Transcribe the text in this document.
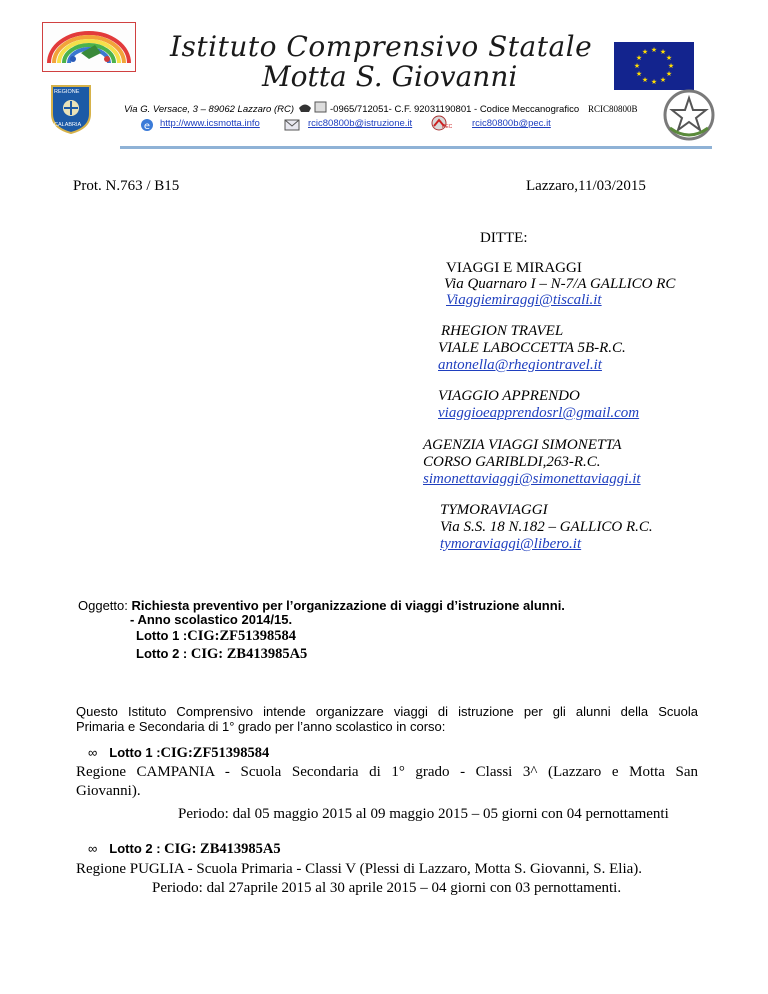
REGIONE
CALABRIA
Istituto Comprensivo Statale
Motta S. Giovanni
★ ★
★
★
★
★
★
★
★
★
★
★
Via G. Versace, 3 – 89062 Lazzaro (RC)	-0965/712051- C.F. 92031190801 - Codice Meccanografico RCIC80800B
e http://www.icsmotta.info	rcic80800b@istruzione.it	PEC rcic80800b@pec.it
Prot. N.763 / B15	Lazzaro,11/03/2015
DITTE:
VIAGGI E MIRAGGI
Via Quarnaro I – N-7/A GALLICO RC
Viaggiemiraggi@tiscali.it
RHEGION TRAVEL
VIALE LABOCCETTA 5B-R.C.
antonella@rhegiontravel.it
VIAGGIO APPRENDO
viaggioeapprendosrl@gmail.com
AGENZIA VIAGGI SIMONETTA
CORSO GARIBLDI,263-R.C.
simonettaviaggi@simonettaviaggi.it
TYMORAVIAGGI
Via S.S. 18 N.182 – GALLICO R.C.
tymoraviaggi@libero.it
Oggetto: Richiesta preventivo per l’organizzazione di viaggi d’istruzione alunni.
- Anno scolastico 2014/15.
Lotto 1 :CIG:ZF51398584
Lotto 2 : CIG: ZB413985A5
Questo Istituto Comprensivo intende organizzare viaggi di istruzione per gli alunni della Scuola
Primaria e Secondaria di 1° grado per l’anno scolastico in corso:
∞ Lotto 1 :CIG:ZF51398584
Regione CAMPANIA - Scuola Secondaria di 1° grado - Classi 3^ (Lazzaro e Motta San
Giovanni).
Periodo: dal 05 maggio 2015 al 09 maggio 2015 – 05 giorni con 04 pernottamenti
∞ Lotto 2 : CIG: ZB413985A5
Regione PUGLIA - Scuola Primaria - Classi V (Plessi di Lazzaro, Motta S. Giovanni, S. Elia).
Periodo: dal 27aprile 2015 al 30 aprile 2015 – 04 giorni con 03 pernottamenti.
